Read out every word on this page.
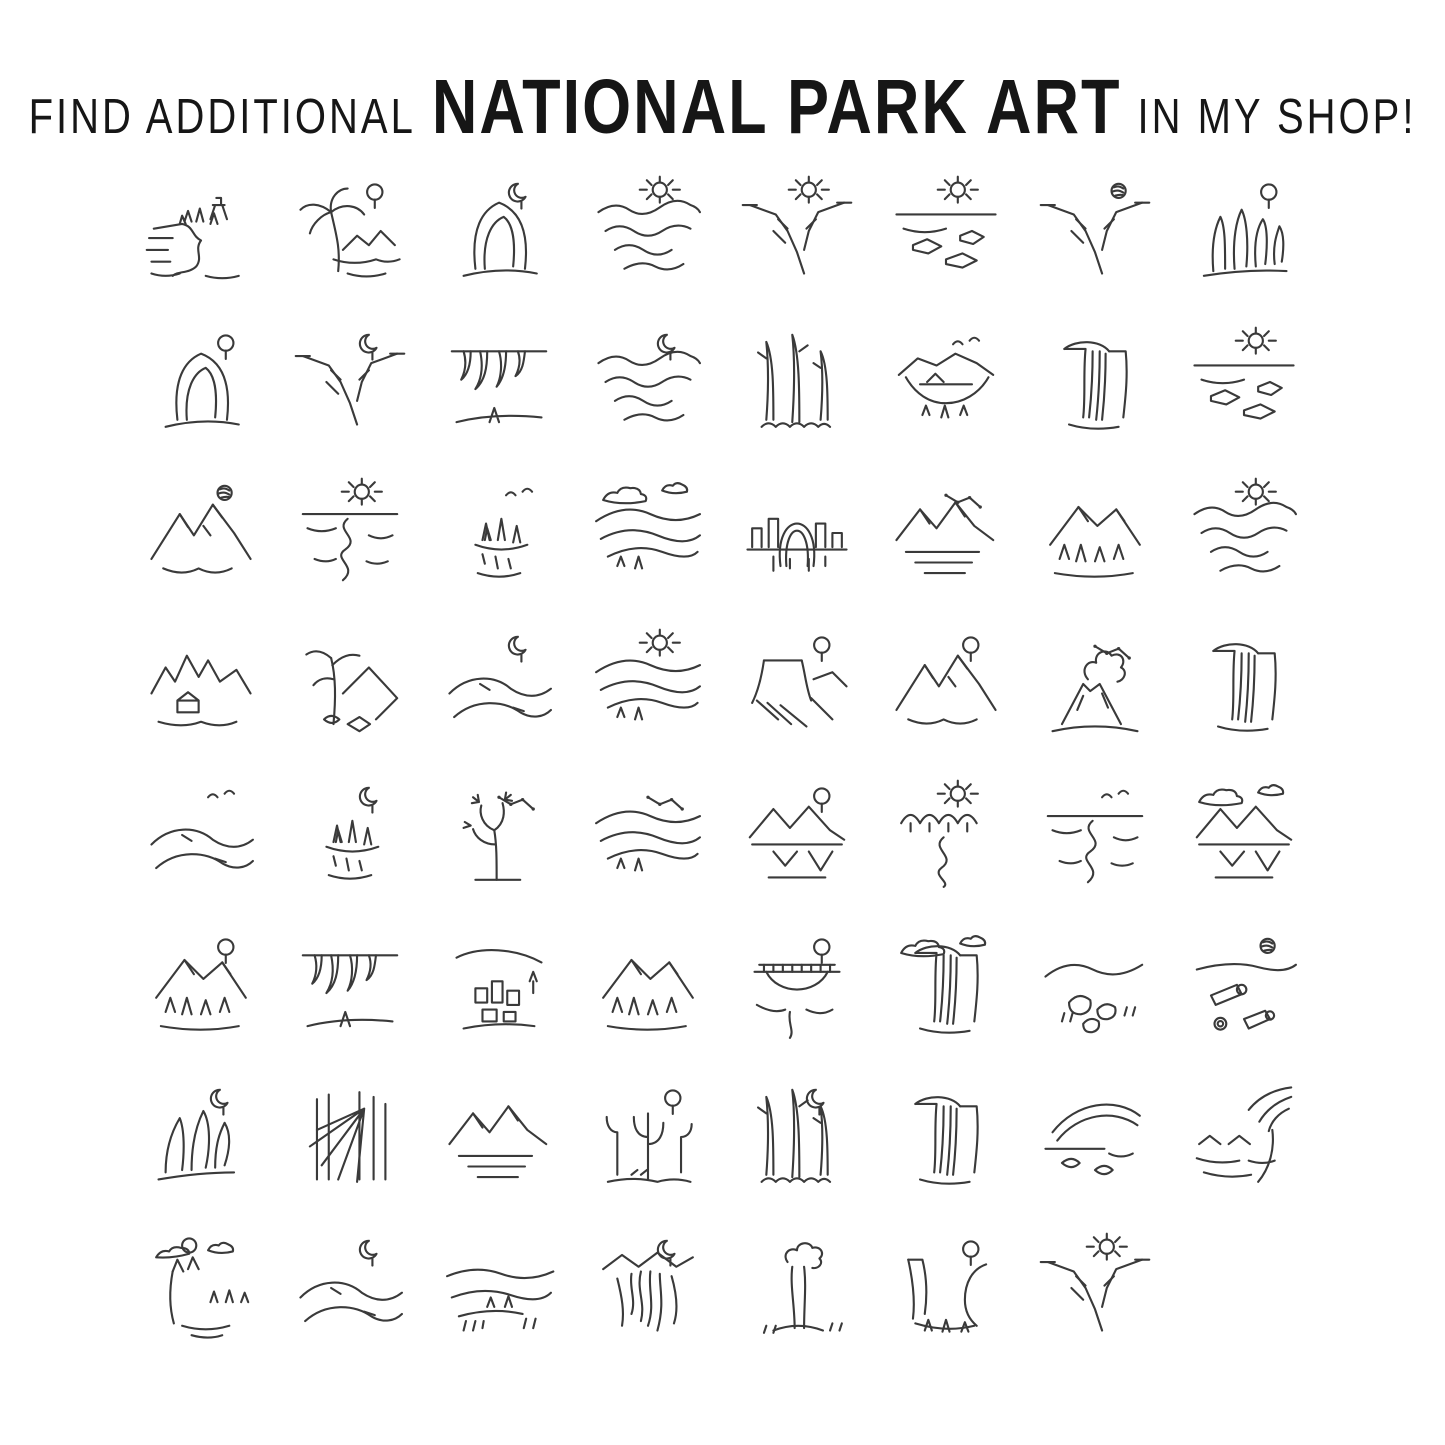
FIND ADDITIONAL NATIONAL PARK ART IN MY SHOP!
